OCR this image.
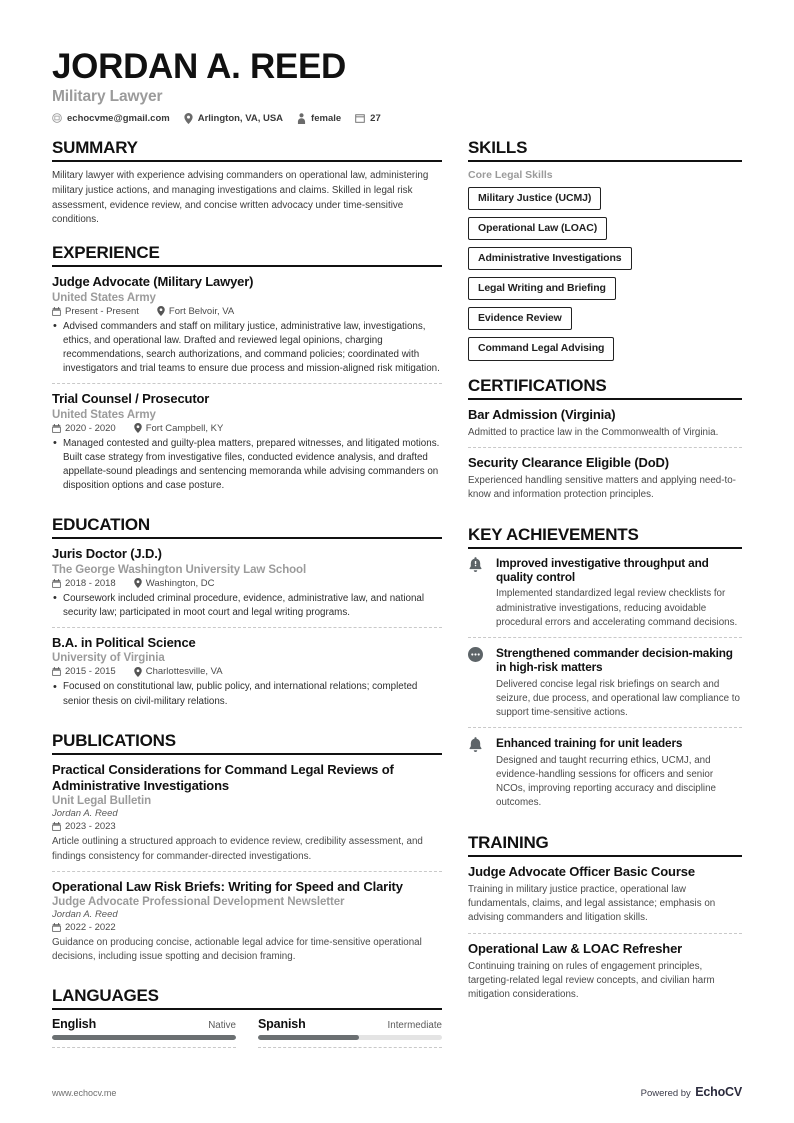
JORDAN A. REED
Military Lawyer
echocvme@gmail.com	Arlington, VA, USA	female	27
SUMMARY
Military lawyer with experience advising commanders on operational law, administering military justice actions, and managing investigations and claims. Skilled in legal risk assessment, evidence review, and concise written advocacy under time-sensitive conditions.
EXPERIENCE
Judge Advocate (Military Lawyer)
United States Army
Present - Present	Fort Belvoir, VA
• Advised commanders and staff on military justice, administrative law, investigations, ethics, and operational law. Drafted and reviewed legal opinions, charging recommendations, search authorizations, and command policies; coordinated with investigators and trial teams to ensure due process and mission-aligned risk mitigation.
Trial Counsel / Prosecutor
United States Army
2020 - 2020	Fort Campbell, KY
• Managed contested and guilty-plea matters, prepared witnesses, and litigated motions. Built case strategy from investigative files, conducted evidence analysis, and drafted appellate-sound pleadings and sentencing memoranda while advising commanders on disposition options and case posture.
EDUCATION
Juris Doctor (J.D.)
The George Washington University Law School
2018 - 2018	Washington, DC
• Coursework included criminal procedure, evidence, administrative law, and national security law; participated in moot court and legal writing programs.
B.A. in Political Science
University of Virginia
2015 - 2015	Charlottesville, VA
• Focused on constitutional law, public policy, and international relations; completed senior thesis on civil-military relations.
PUBLICATIONS
Practical Considerations for Command Legal Reviews of Administrative Investigations
Unit Legal Bulletin
Jordan A. Reed
2023 - 2023
Article outlining a structured approach to evidence review, credibility assessment, and findings consistency for commander-directed investigations.
Operational Law Risk Briefs: Writing for Speed and Clarity
Judge Advocate Professional Development Newsletter
Jordan A. Reed
2022 - 2022
Guidance on producing concise, actionable legal advice for time-sensitive operational decisions, including issue spotting and decision framing.
LANGUAGES
English	Native Spanish	Intermediate
SKILLS
Core Legal Skills
Military Justice (UCMJ)
Operational Law (LOAC)
Administrative Investigations
Legal Writing and Briefing
Evidence Review
Command Legal Advising
CERTIFICATIONS
Bar Admission (Virginia)
Admitted to practice law in the Commonwealth of Virginia.
Security Clearance Eligible (DoD)
Experienced handling sensitive matters and applying need-to-know and information protection principles.
KEY ACHIEVEMENTS
Improved investigative throughput and quality control
Implemented standardized legal review checklists for administrative investigations, reducing avoidable procedural errors and accelerating command decisions.
Strengthened commander decision-making in high-risk matters
Delivered concise legal risk briefings on search and seizure, due process, and operational law compliance to support time-sensitive actions.
Enhanced training for unit leaders
Designed and taught recurring ethics, UCMJ, and evidence-handling sessions for officers and senior NCOs, improving reporting accuracy and discipline outcomes.
TRAINING
Judge Advocate Officer Basic Course
Training in military justice practice, operational law fundamentals, claims, and legal assistance; emphasis on advising commanders and litigation skills.
Operational Law & LOAC Refresher
Continuing training on rules of engagement principles, targeting-related legal review concepts, and civilian harm mitigation considerations.
www.echocv.me	Powered by EchoCV
